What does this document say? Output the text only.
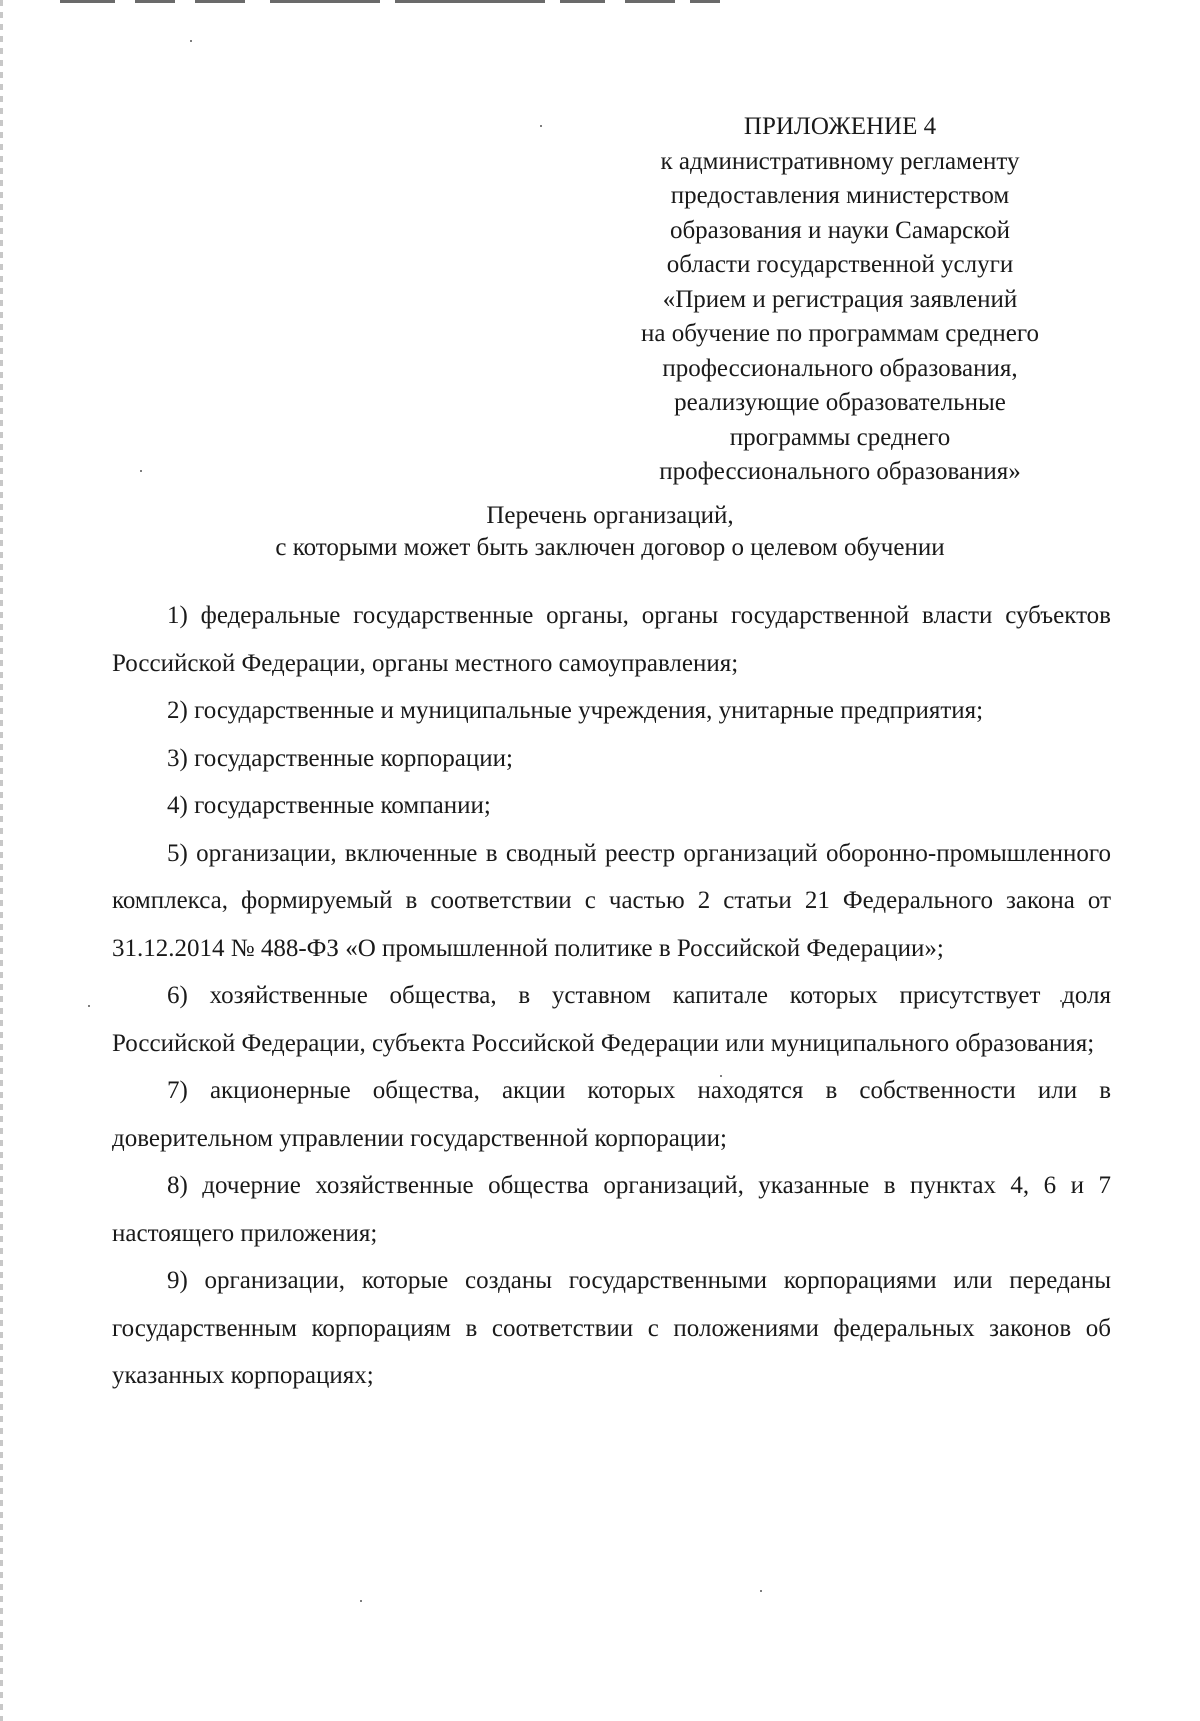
ПРИЛОЖЕНИЕ 4
к административному регламенту
предоставления министерством
образования и науки Самарской
области государственной услуги
«Прием и регистрация заявлений
на обучение по программам среднего
профессионального образования,
реализующие образовательные
программы среднего
профессионального образования»
Перечень организаций,
с которыми может быть заключен договор о целевом обучении

1) федеральные государственные органы, органы государственной власти субъектов Российской Федерации, органы местного самоуправления;

2) государственные и муниципальные учреждения, унитарные предприятия;

3) государственные корпорации;

4) государственные компании;

5) организации, включенные в сводный реестр организаций оборонно-промышленного комплекса, формируемый в соответствии с частью 2 статьи 21 Федерального закона от 31.12.2014 № 488-ФЗ «О промышленной политике в Российской Федерации»;

6) хозяйственные общества, в уставном капитале которых присутствует доля Российской Федерации, субъекта Российской Федерации или муниципального образования;

7) акционерные общества, акции которых находятся в собственности или в доверительном управлении государственной корпорации;

8) дочерние хозяйственные общества организаций, указанные в пунктах 4, 6 и 7 настоящего приложения;

9) организации, которые созданы государственными корпорациями или переданы государственным корпорациям в соответствии с положениями федеральных законов об указанных корпорациях;
